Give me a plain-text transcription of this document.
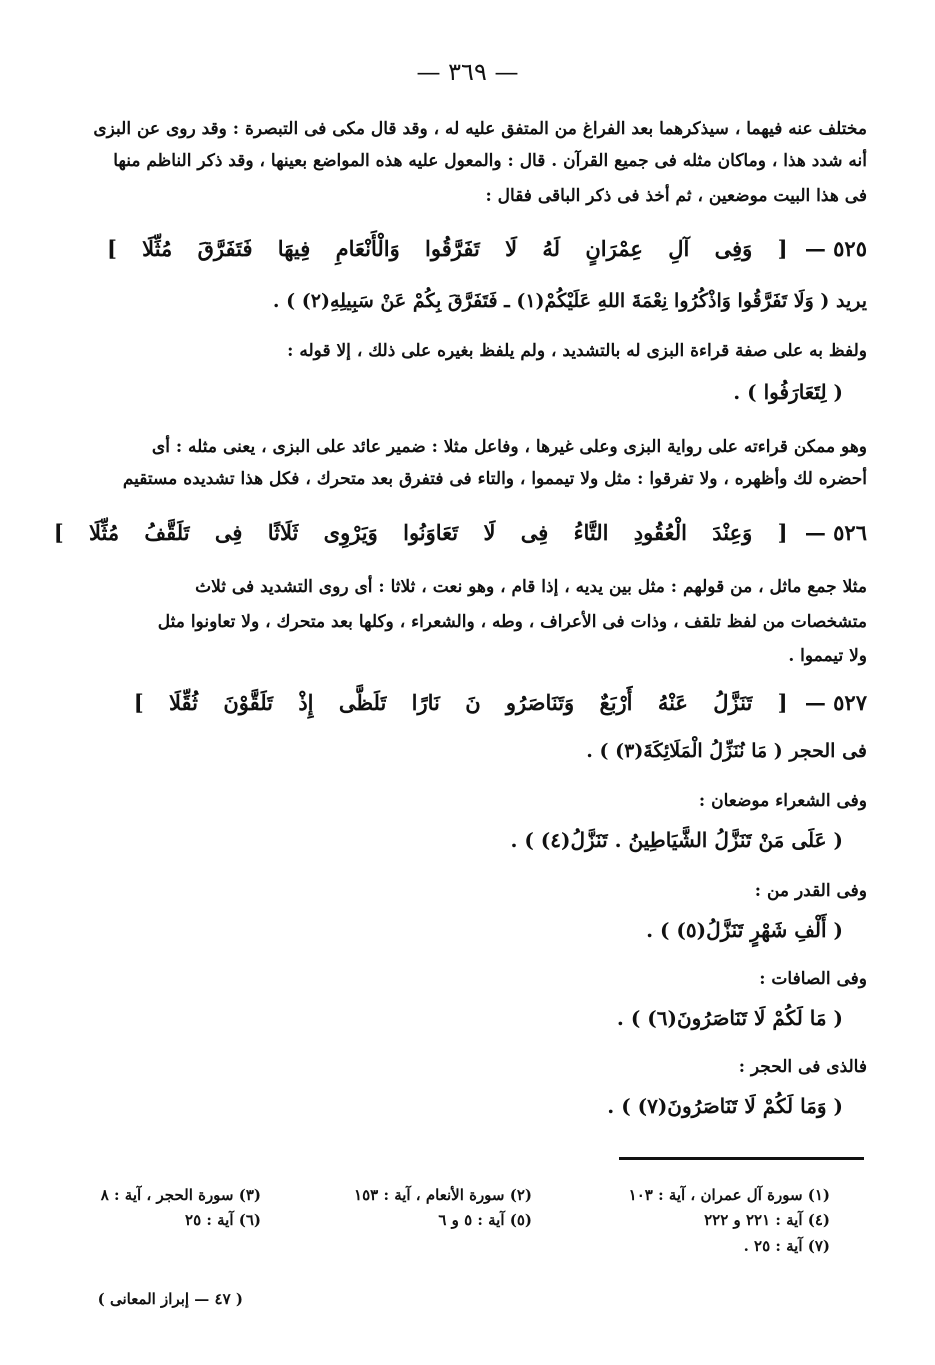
— ٣٦٩ —
مختلف عنه فيهما ، سيذكرهما بعد الفراغ من المتفق عليه له ، وقد قال مكى فى التبصرة : وقد روى عن البزى
أنه شدد هذا ، وماكان مثله فى جميع القرآن . قال : والمعول عليه هذه المواضع بعينها ، وقد ذكر الناظم منها
فى هذا البيت موضعين ، ثم أخذ فى ذكر الباقى فقال :
٥٢٥ — [ وَفِى آلِ عِمْرَانٍ لَهُ لَا تَفَرَّقُوا وَالْأَنْعَامِ فِيهَا فَتَفَرَّقَ مُثِّلَا ]
يريد ( وَلَا تَفَرَّقُوا وَاذْكُرُوا نِعْمَةَ اللهِ عَلَيْكُمْ(١) ـ فَتَفَرَّقَ بِكُمْ عَنْ سَبِيلِهِ(٢) ) .
ولفظ به على صفة قراءة البزى له بالتشديد ، ولم يلفظ بغيره على ذلك ، إلا قوله :
( لِتَعَارَفُوا ) .
وهو ممكن قراءته على رواية البزى وعلى غيرها ، وفاعل مثلا : ضمير عائد على البزى ، يعنى مثله : أى
أحضره لك وأظهره ، ولا تفرقوا : مثل ولا تيمموا ، والتاء فى فتفرق بعد متحرك ، فكل هذا تشديده مستقيم
٥٢٦ — [ وَعِنْدَ الْعُقُودِ التَّاءُ فِى لَا تَعَاوَنُوا وَيَرْوِى ثَلَاثًا فِى تَلَقَّفُ مُثِّلَا ]
مثلا جمع ماثل ، من قولهم : مثل بين يديه ، إذا قام ، وهو نعت ، ثلاثا : أى روى التشديد فى ثلاث
متشخصات من لفظ تلقف ، وذات فى الأعراف ، وطه ، والشعراء ، وكلها بعد متحرك ، ولا تعاونوا مثل
ولا تيمموا .
٥٢٧ — [ تَنَزَّلُ عَنْهُ أَرْبَعٌ وَتَنَاصَرُو نَ نَارًا تَلَظَّى إِذْ تَلَقَّوْنَ ثُقِّلَا ]
فى الحجر ( مَا نُنَزِّلُ الْمَلَائِكَةَ(٣) ) .
وفى الشعراء موضعان :
( عَلَى مَنْ تَنَزَّلُ الشَّيَاطِينُ . تَنَزَّلُ(٤) ) .
وفى القدر من :
( أَلْفِ شَهْرٍ تَنَزَّلُ(٥) ) .
وفى الصافات :
( مَا لَكُمْ لَا تَنَاصَرُونَ(٦) ) .
فالذى فى الحجر :
( وَمَا لَكُمْ لَا تَنَاصَرُونَ(٧) ) .
(١) سورة آل عمران ، آية : ١٠٣
(٢) سورة الأنعام ، آية : ١٥٣
(٣) سورة الحجر ، آية : ٨
(٤) آية : ٢٢١ و ٢٢٢
(٥) آية : ٥ و ٦
(٦) آية : ٢٥
(٧) آية : ٢٥ .
( ٤٧ — إبراز المعانى )
